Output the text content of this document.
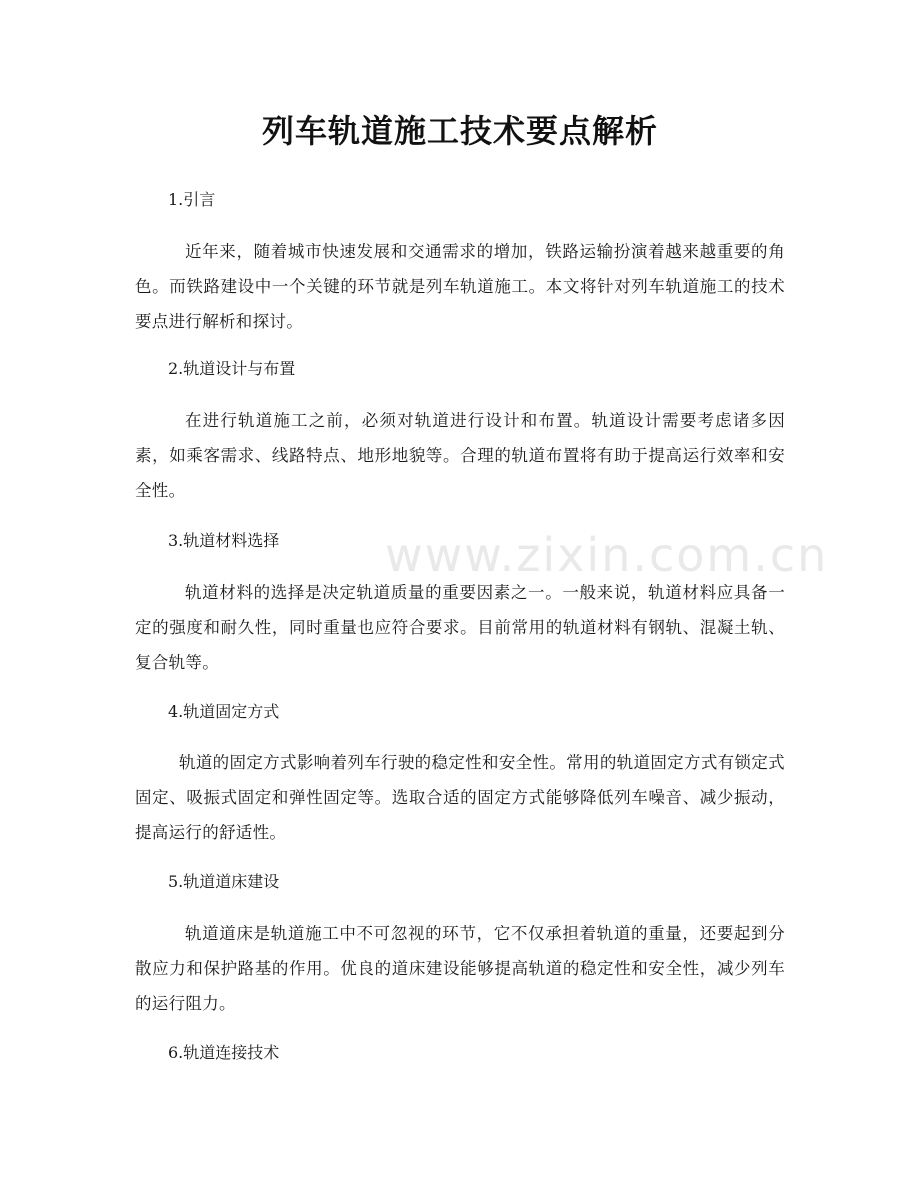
www.zixin.com.cn
列车轨道施工技术要点解析
1.引言
近年来，随着城市快速发展和交通需求的增加，铁路运输扮演着越来越重要的角色。而铁路建设中一个关键的环节就是列车轨道施工。本文将针对列车轨道施工的技术要点进行解析和探讨。
2.轨道设计与布置
在进行轨道施工之前，必须对轨道进行设计和布置。轨道设计需要考虑诸多因素，如乘客需求、线路特点、地形地貌等。合理的轨道布置将有助于提高运行效率和安全性。
3.轨道材料选择
轨道材料的选择是决定轨道质量的重要因素之一。一般来说，轨道材料应具备一定的强度和耐久性，同时重量也应符合要求。目前常用的轨道材料有钢轨、混凝土轨、复合轨等。
4.轨道固定方式
轨道的固定方式影响着列车行驶的稳定性和安全性。常用的轨道固定方式有锁定式固定、吸振式固定和弹性固定等。选取合适的固定方式能够降低列车噪音、减少振动，提高运行的舒适性。
5.轨道道床建设
轨道道床是轨道施工中不可忽视的环节，它不仅承担着轨道的重量，还要起到分散应力和保护路基的作用。优良的道床建设能够提高轨道的稳定性和安全性，减少列车的运行阻力。
6.轨道连接技术
